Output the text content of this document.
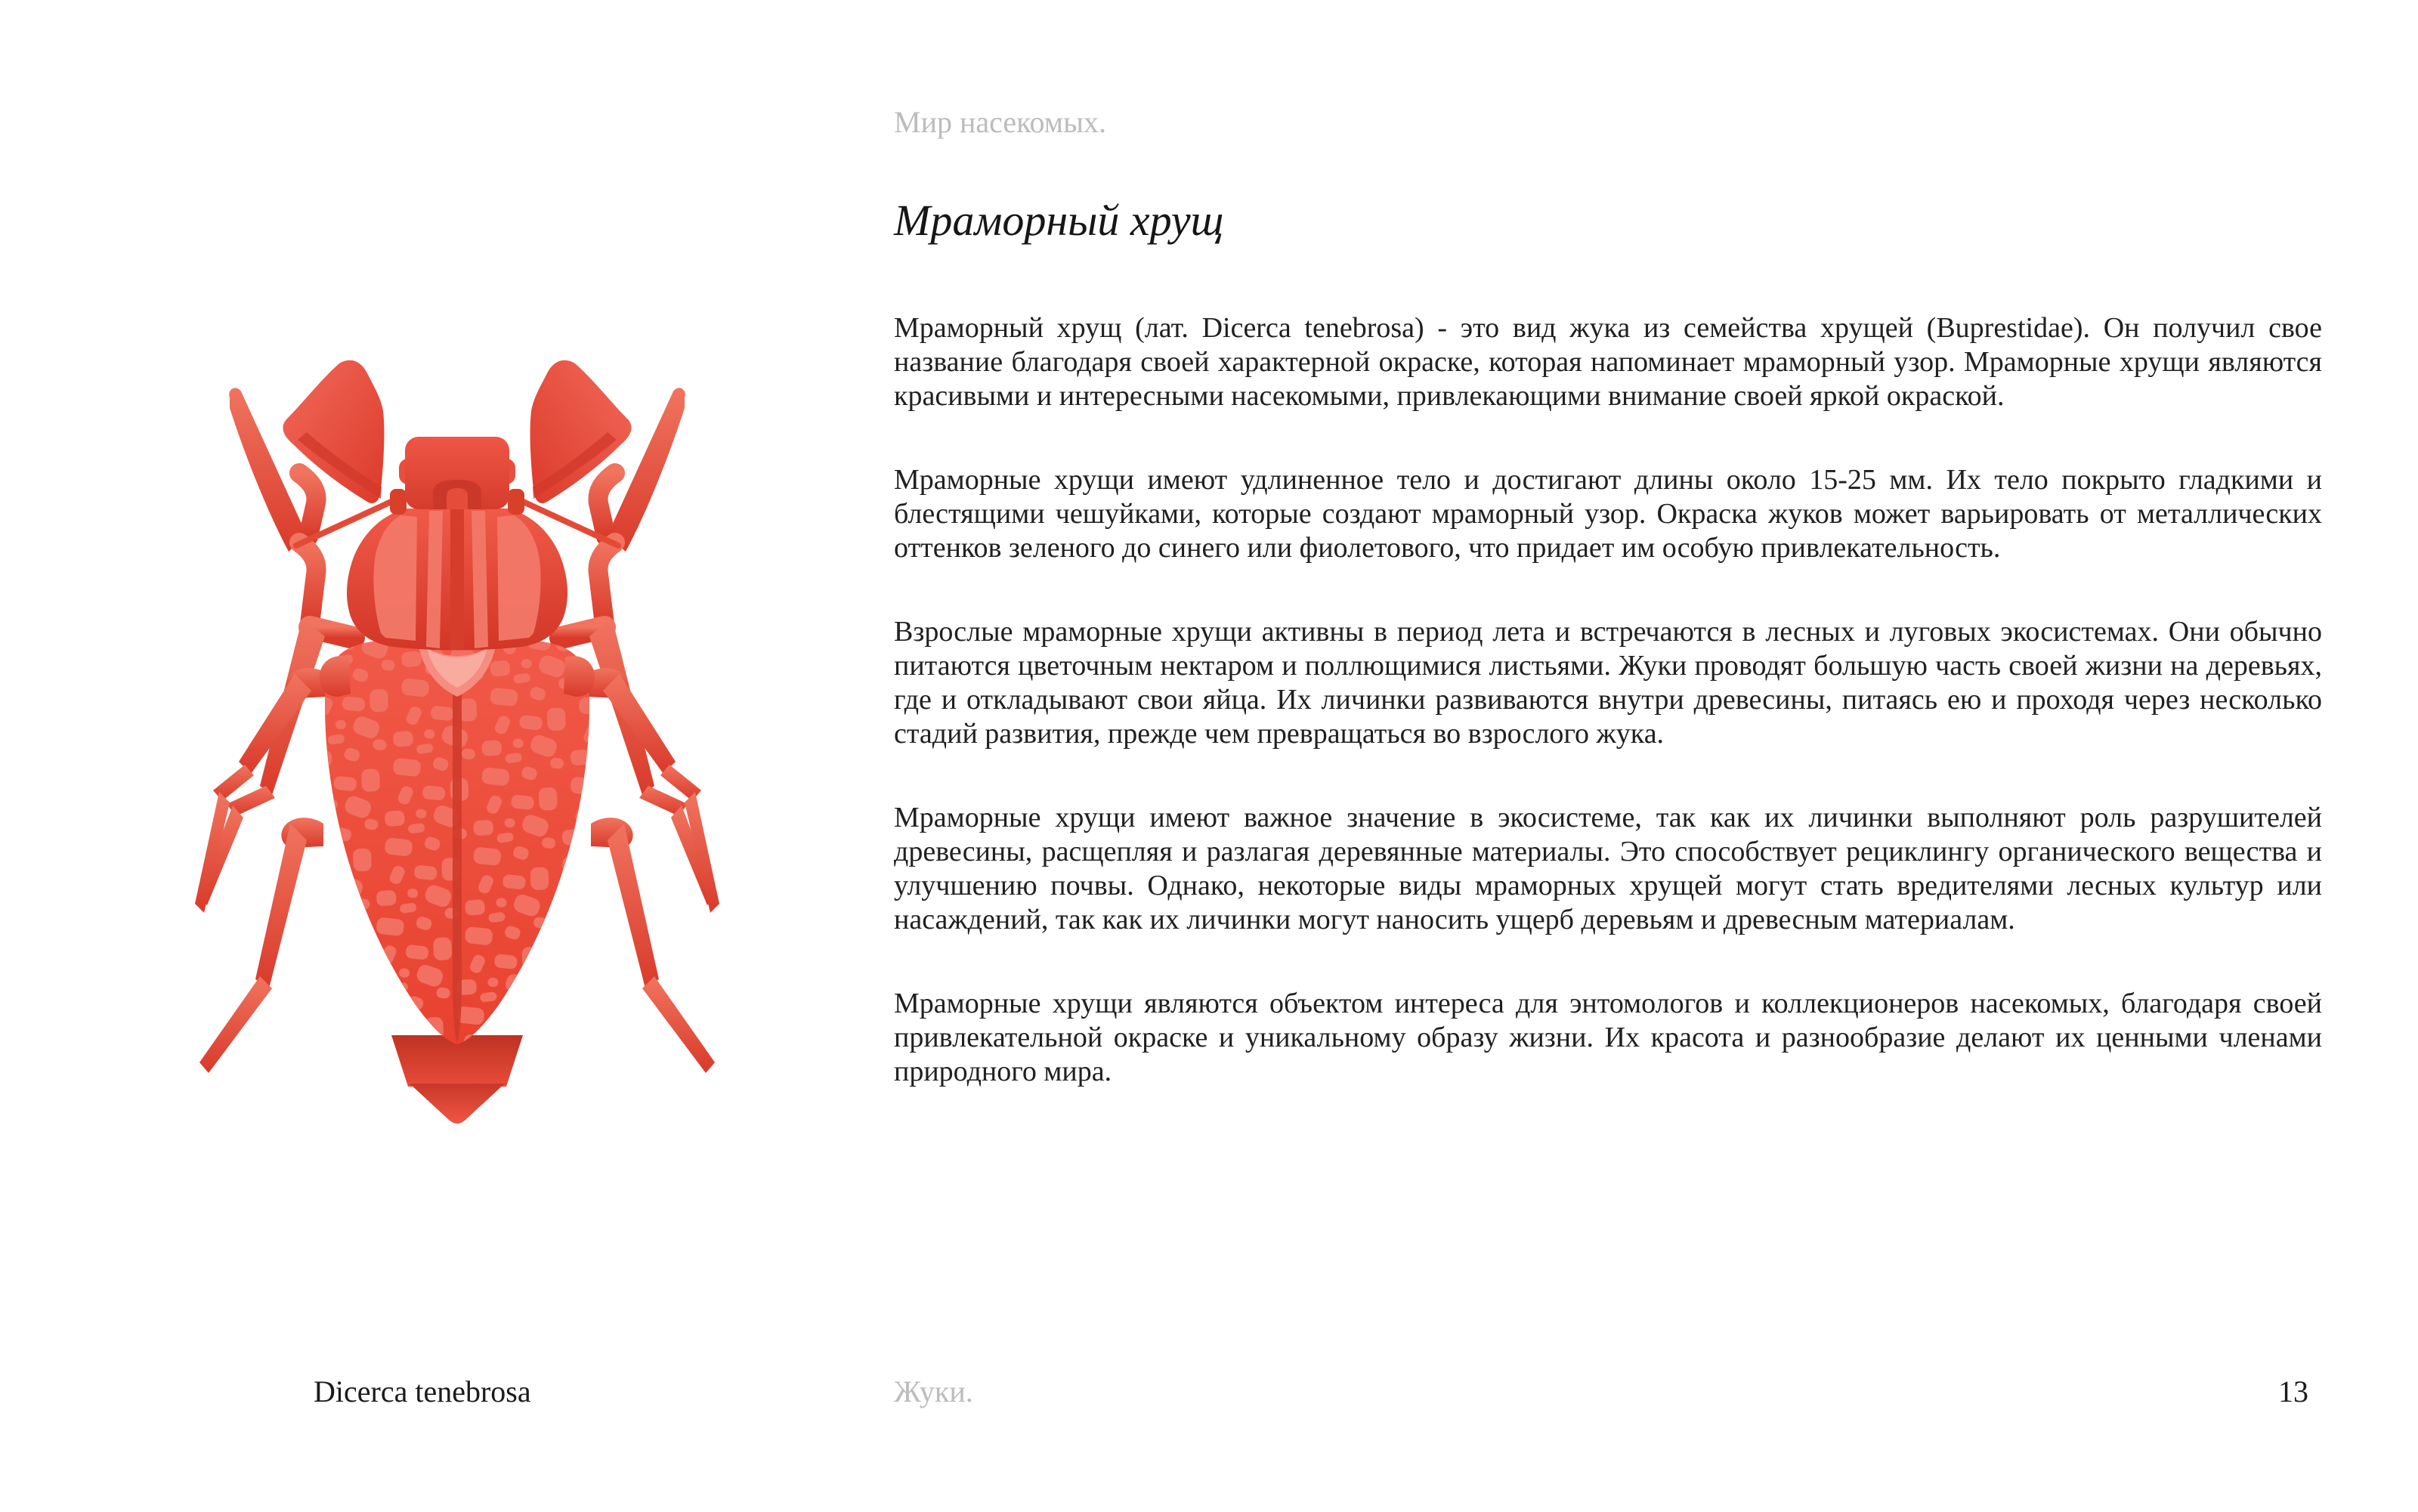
Мир насекомых.

Мраморный хрущ

Мраморный хрущ (лат. Dicerca tenebrosa) - это вид жука из семейства хрущей (Buprestidae). Он получил свое название благодаря своей характерной окраске, которая напоминает мраморный узор. Мраморные хрущи являются красивыми и интересными насекомыми, привлекающими внимание своей яркой окраской.

Мраморные хрущи имеют удлиненное тело и достигают длины около 15-25 мм. Их тело покрыто гладкими и блестящими чешуйками, которые создают мраморный узор. Окраска жуков может варьировать от металлических оттенков зеленого до синего или фиолетового, что придает им особую привлекательность.

Взрослые мраморные хрущи активны в период лета и встречаются в лесных и луговых экосистемах. Они обычно питаются цветочным нектаром и поллющимися листьями. Жуки проводят большую часть своей жизни на деревьях, где и откладывают свои яйца. Их личинки развиваются внутри древесины, питаясь ею и проходя через несколько стадий развития, прежде чем превращаться во взрослого жука.

Мраморные хрущи имеют важное значение в экосистеме, так как их личинки выполняют роль разрушителей древесины, расщепляя и разлагая деревянные материалы. Это способствует рециклингу органического вещества и улучшению почвы. Однако, некоторые виды мраморных хрущей могут стать вредителями лесных культур или насаждений, так как их личинки могут наносить ущерб деревьям и древесным материалам.

Мраморные хрущи являются объектом интереса для энтомологов и коллекционеров насекомых, благодаря своей привлекательной окраске и уникальному образу жизни. Их красота и разнообразие делают их ценными членами природного мира.

Dicerca tenebrosa	Жуки.	13
